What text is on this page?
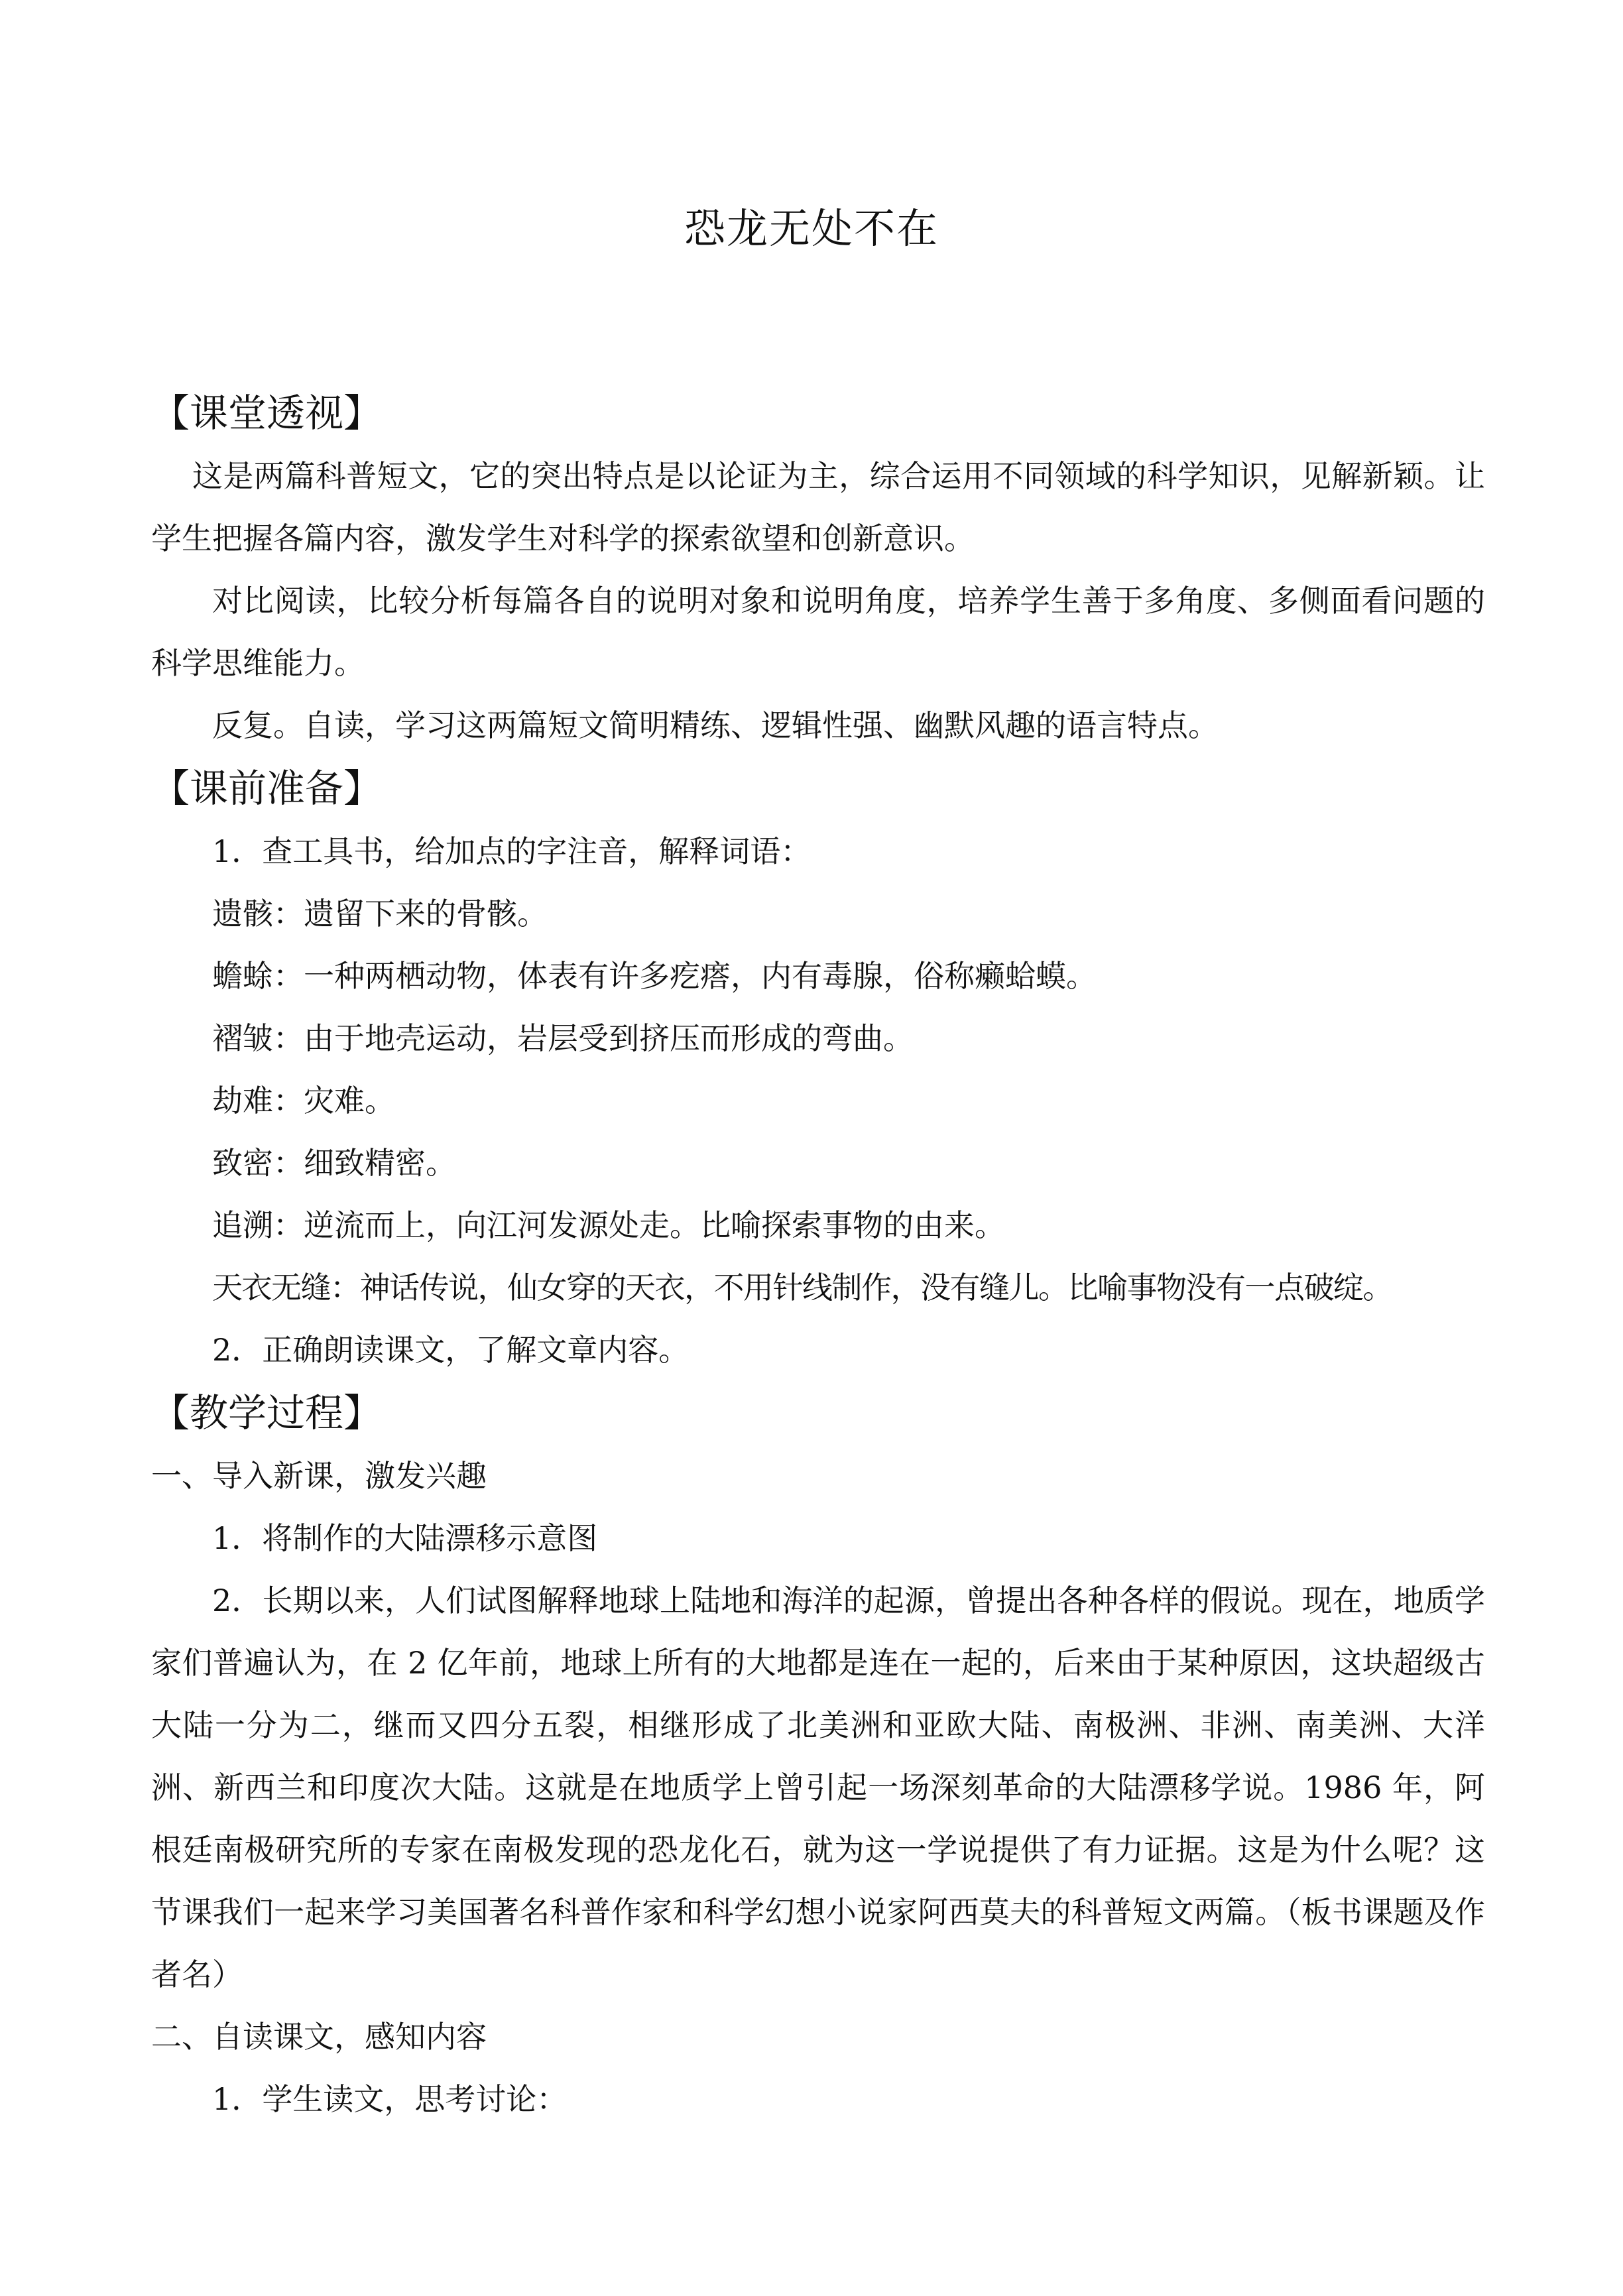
恐龙无处不在
【课堂透视】

这是两篇科普短文，它的突出特点是以论证为主，综合运用不同领域的科学知识，见解新颖。让学生把握各篇内容，激发学生对科学的探索欲望和创新意识。

对比阅读，比较分析每篇各自的说明对象和说明角度，培养学生善于多角度、多侧面看问题的科学思维能力。

反复。自读，学习这两篇短文简明精练、逻辑性强、幽默风趣的语言特点。

【课前准备】

1．查工具书，给加点的字注音，解释词语：

遗骸：遗留下来的骨骸。

蟾蜍：一种两栖动物，体表有许多疙瘩，内有毒腺，俗称癞蛤蟆。

褶皱：由于地壳运动，岩层受到挤压而形成的弯曲。

劫难：灾难。

致密：细致精密。

追溯：逆流而上，向江河发源处走。比喻探索事物的由来。

天衣无缝：神话传说，仙女穿的天衣，不用针线制作，没有缝儿。比喻事物没有一点破绽。

2．正确朗读课文，了解文章内容。

【教学过程】

一、导入新课，激发兴趣

1．将制作的大陆漂移示意图

2．长期以来，人们试图解释地球上陆地和海洋的起源，曾提出各种各样的假说。现在，地质学家们普遍认为，在 2 亿年前，地球上所有的大地都是连在一起的，后来由于某种原因，这块超级古大陆一分为二，继而又四分五裂，相继形成了北美洲和亚欧大陆、南极洲、非洲、南美洲、大洋洲、新西兰和印度次大陆。这就是在地质学上曾引起一场深刻革命的大陆漂移学说。1986 年，阿根廷南极研究所的专家在南极发现的恐龙化石，就为这一学说提供了有力证据。这是为什么呢？这节课我们一起来学习美国著名科普作家和科学幻想小说家阿西莫夫的科普短文两篇。（板书课题及作者名）

二、自读课文，感知内容

1．学生读文，思考讨论：
